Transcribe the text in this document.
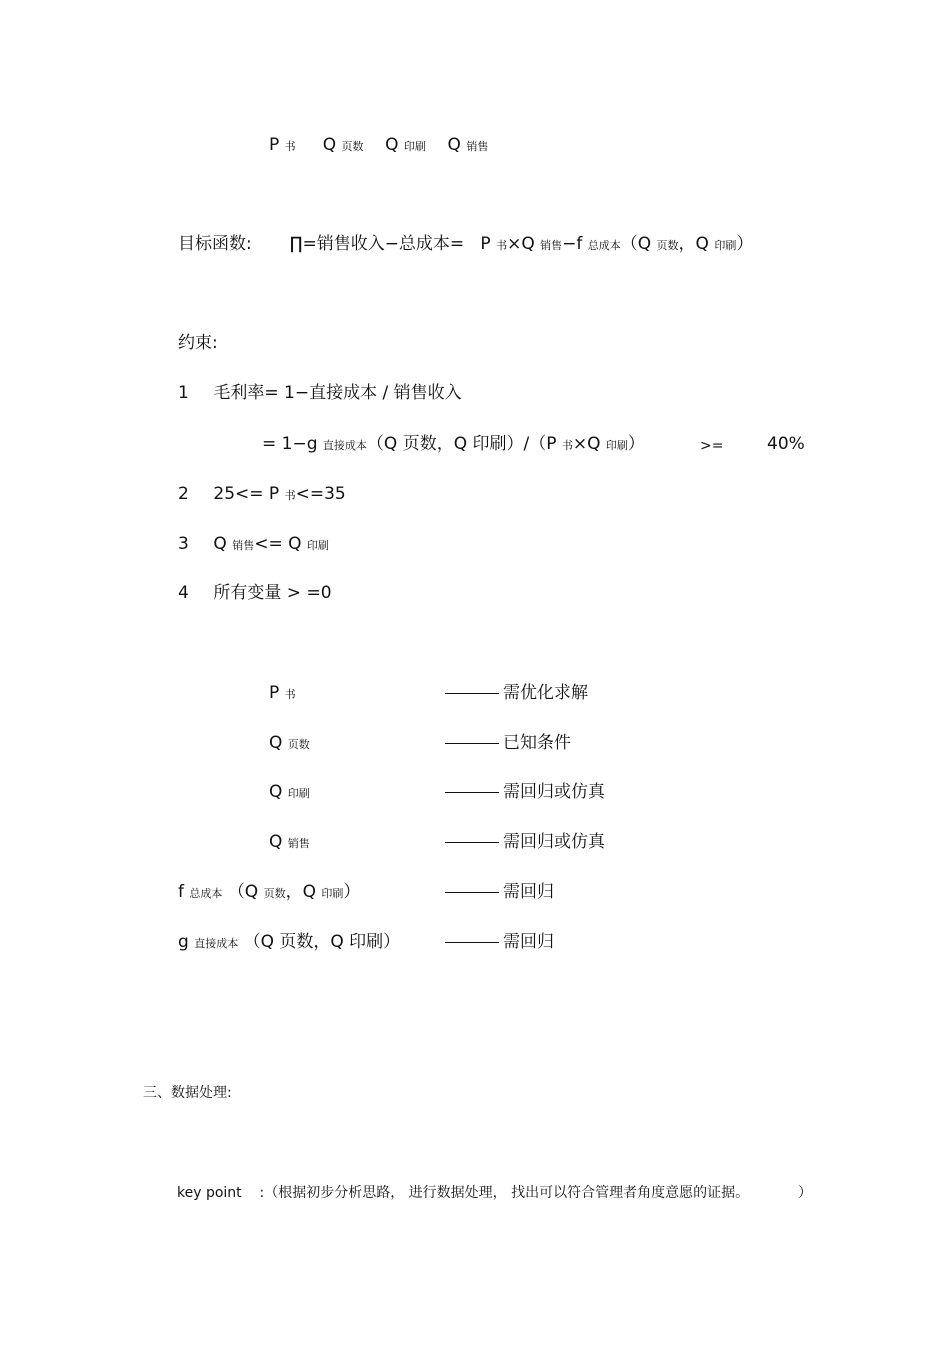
P 书 Q 页数 Q 印刷 Q 销售
目标函数: ∏=销售收入−总成本= P 书×Q 销售−f 总成本（Q 页数，Q 印刷）
约束:
1 毛利率= 1−直接成本 / 销售收入
= 1−g 直接成本（Q 页数，Q 印刷）/（P 书×Q 印刷）	>=	40%
2 25<= P 书<=35
3 Q 销售<= Q 印刷
4 所有变量 > =0
P 书	需优化求解
Q 页数	已知条件
Q 印刷	需回归或仿真
Q 销售	需回归或仿真
f 总成本 （Q 页数，Q 印刷）	需回归
g 直接成本 （Q 页数，Q 印刷）	需回归
三、数据处理:
key point :（根据初步分析思路， 进行数据处理， 找出可以符合管理者角度意愿的证据。	）
